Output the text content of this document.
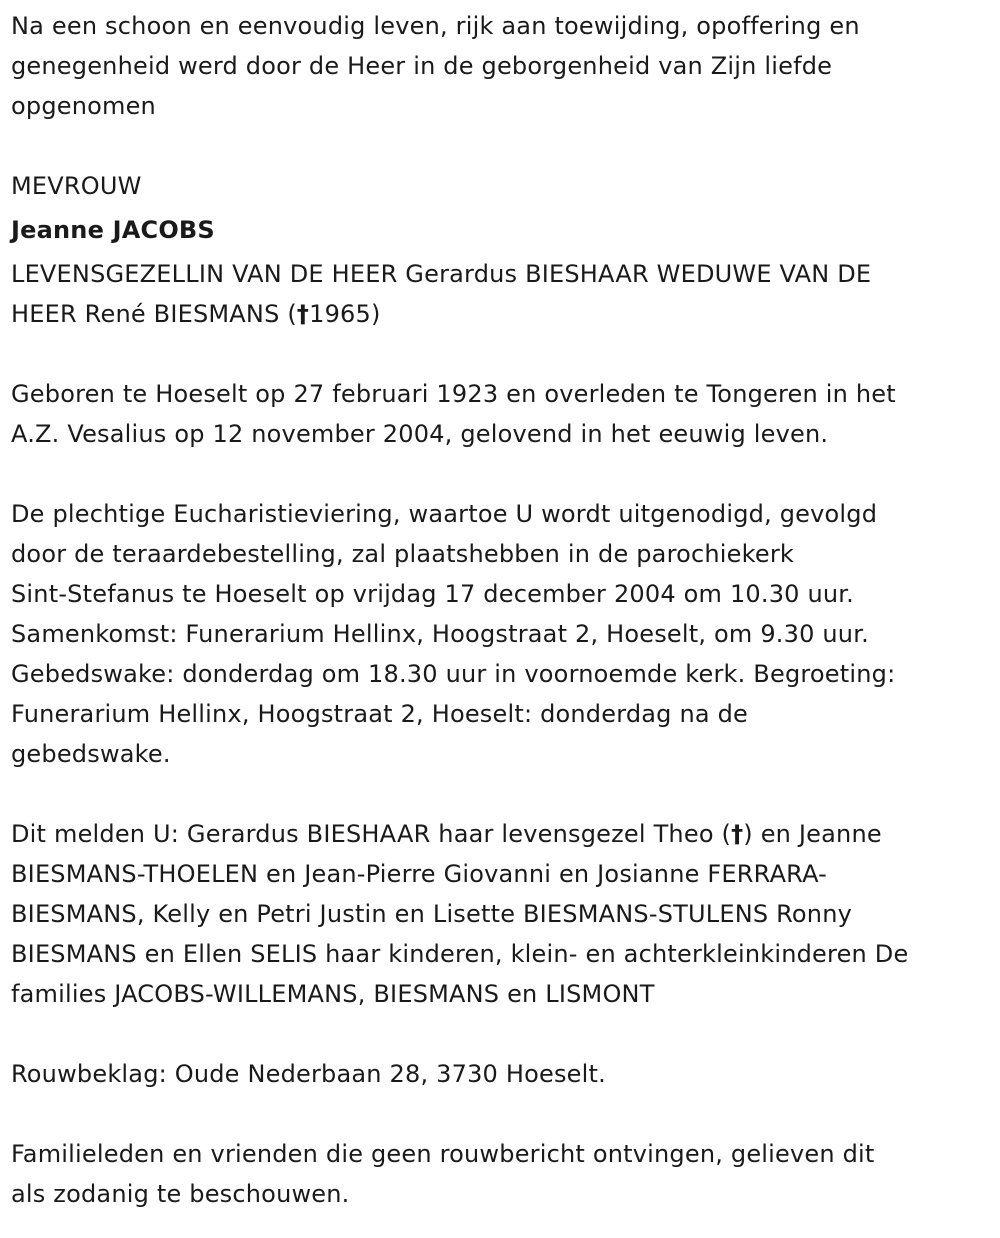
Na een schoon en eenvoudig leven, rijk aan toewijding, opoffering en
genegenheid werd door de Heer in de geborgenheid van Zijn liefde
opgenomen

MEVROUW

Jeanne JACOBS

LEVENSGEZELLIN VAN DE HEER Gerardus BIESHAAR WEDUWE VAN DE
HEER René BIESMANS (†1965)

Geboren te Hoeselt op 27 februari 1923 en overleden te Tongeren in het
A.Z. Vesalius op 12 november 2004, gelovend in het eeuwig leven.

De plechtige Eucharistieviering, waartoe U wordt uitgenodigd, gevolgd
door de teraardebestelling, zal plaatshebben in de parochiekerk
Sint-Stefanus te Hoeselt op vrijdag 17 december 2004 om 10.30 uur.
Samenkomst: Funerarium Hellinx, Hoogstraat 2, Hoeselt, om 9.30 uur.
Gebedswake: donderdag om 18.30 uur in voornoemde kerk. Begroeting:
Funerarium Hellinx, Hoogstraat 2, Hoeselt: donderdag na de
gebedswake.

Dit melden U: Gerardus BIESHAAR haar levensgezel Theo (†) en Jeanne
BIESMANS-THOELEN en Jean-Pierre Giovanni en Josianne FERRARA-
BIESMANS, Kelly en Petri Justin en Lisette BIESMANS-STULENS Ronny
BIESMANS en Ellen SELIS haar kinderen, klein- en achterkleinkinderen De
families JACOBS-WILLEMANS, BIESMANS en LISMONT

Rouwbeklag: Oude Nederbaan 28, 3730 Hoeselt.

Familieleden en vrienden die geen rouwbericht ontvingen, gelieven dit
als zodanig te beschouwen.
